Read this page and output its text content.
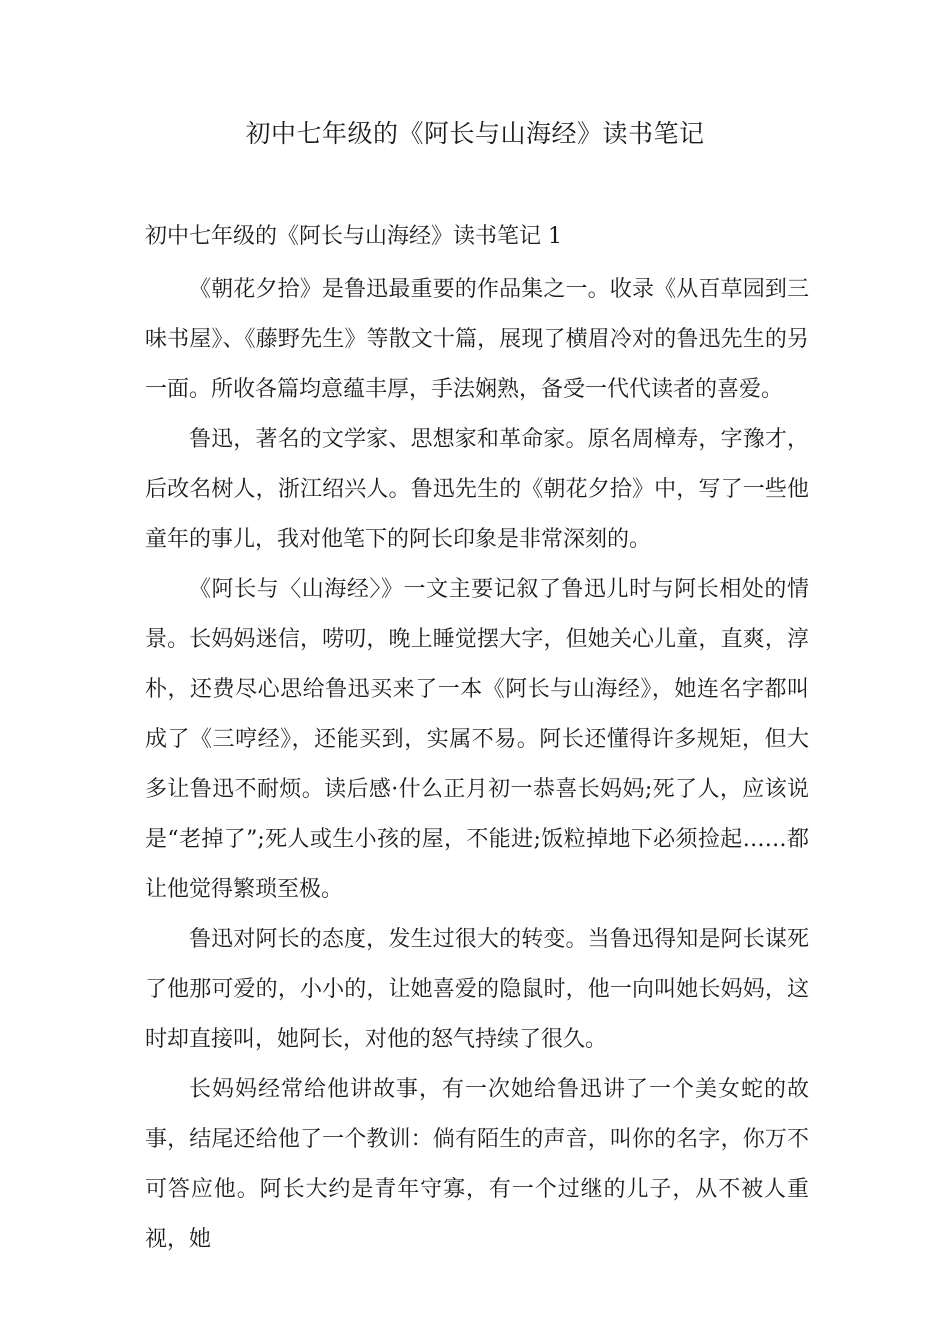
初中七年级的《阿长与山海经》读书笔记
初中七年级的《阿长与山海经》读书笔记 1

《朝花夕拾》是鲁迅最重要的作品集之一。收录《从百草园到三味书屋》、《藤野先生》等散文十篇，展现了横眉冷对的鲁迅先生的另一面。所收各篇均意蕴丰厚，手法娴熟，备受一代代读者的喜爱。

鲁迅，著名的文学家、思想家和革命家。原名周樟寿，字豫才，后改名树人，浙江绍兴人。鲁迅先生的《朝花夕拾》中，写了一些他童年的事儿，我对他笔下的阿长印象是非常深刻的。

《阿长与〈山海经〉》一文主要记叙了鲁迅儿时与阿长相处的情景。长妈妈迷信，唠叨，晚上睡觉摆大字，但她关心儿童，直爽，淳朴，还费尽心思给鲁迅买来了一本《阿长与山海经》，她连名字都叫成了《三哼经》，还能买到，实属不易。阿长还懂得许多规矩，但大多让鲁迅不耐烦。读后感·什么正月初一恭喜长妈妈;死了人，应该说是“老掉了”;死人或生小孩的屋，不能进;饭粒掉地下必须捡起……都让他觉得繁琐至极。

鲁迅对阿长的态度，发生过很大的转变。当鲁迅得知是阿长谋死了他那可爱的，小小的，让她喜爱的隐鼠时，他一向叫她长妈妈，这时却直接叫，她阿长，对他的怒气持续了很久。

长妈妈经常给他讲故事，有一次她给鲁迅讲了一个美女蛇的故事，结尾还给他了一个教训：倘有陌生的声音，叫你的名字，你万不可答应他。阿长大约是青年守寡，有一个过继的儿子，从不被人重视，她
